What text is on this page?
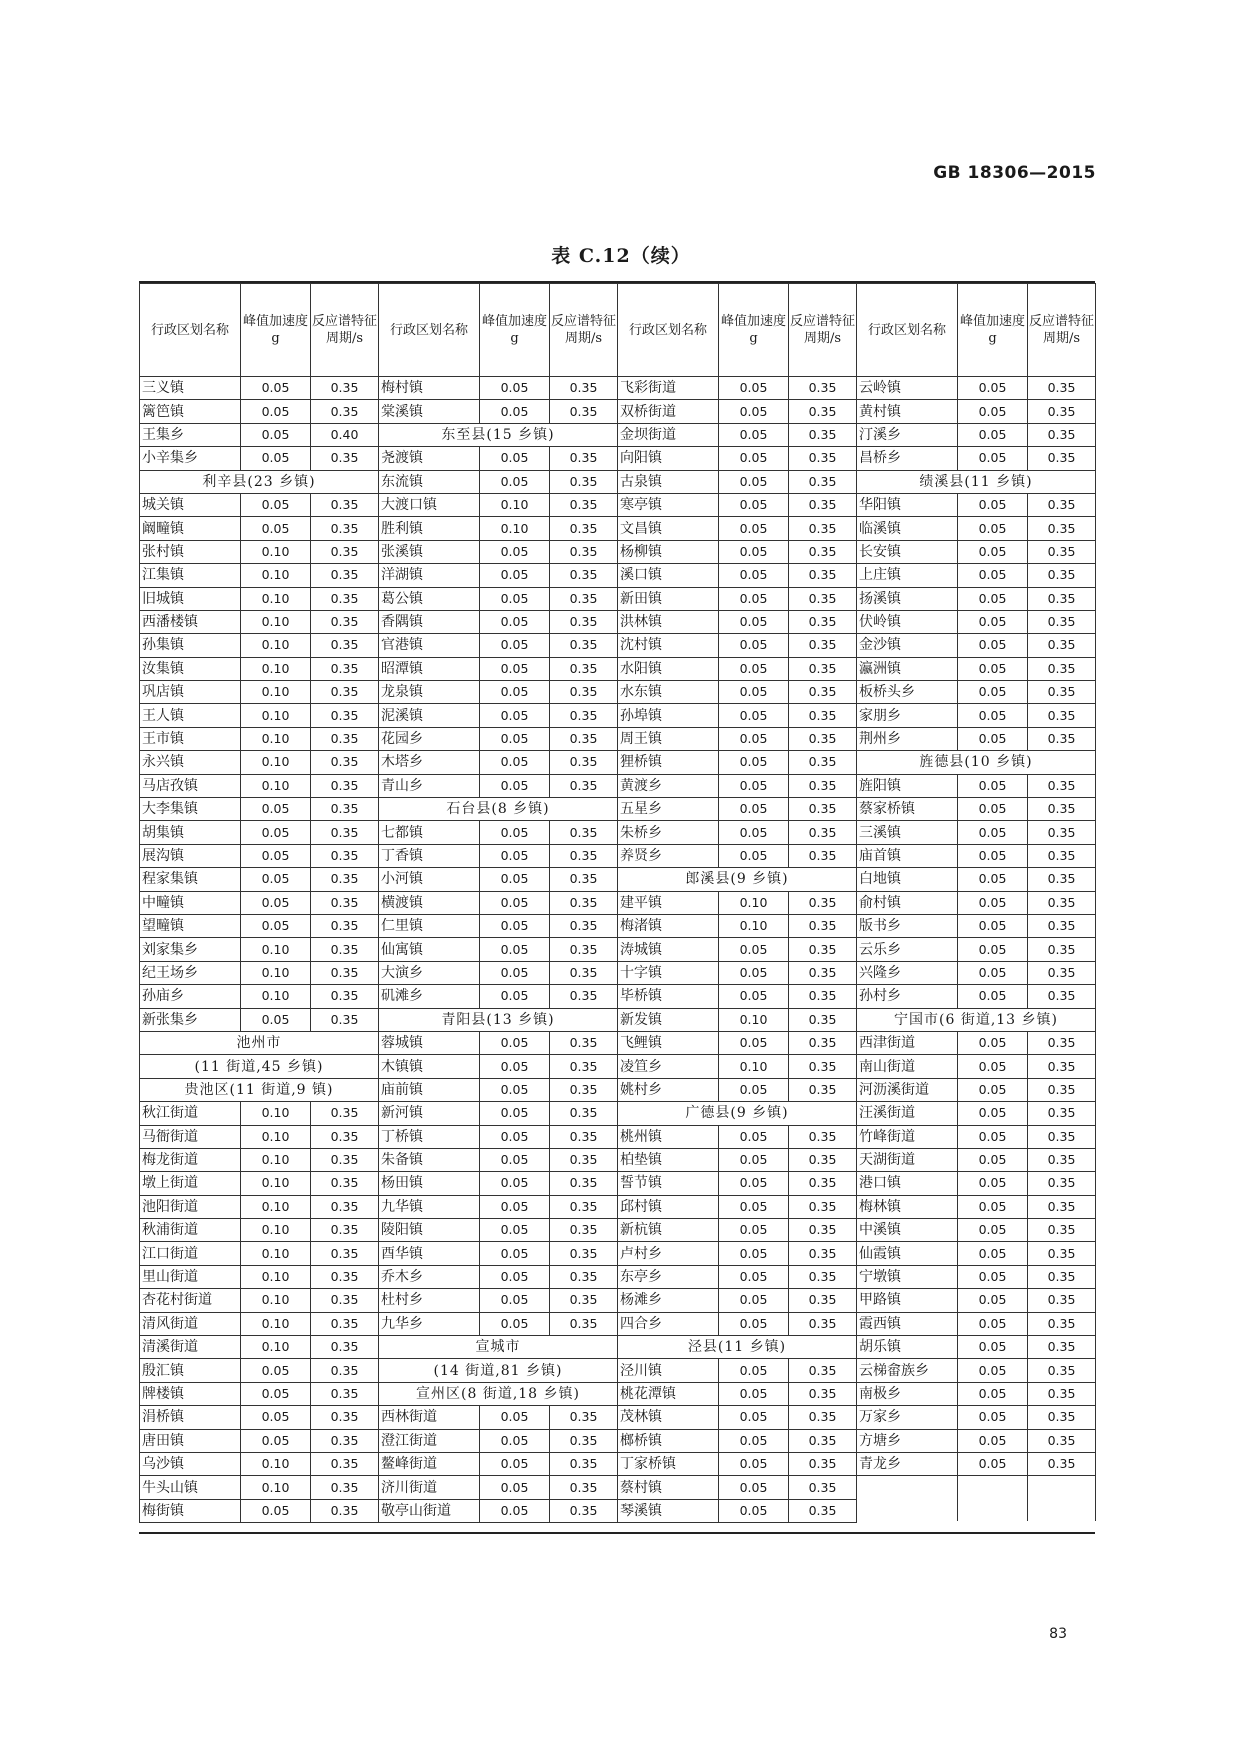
GB 18306—2015
表 C.12（续）
行政区划名称	峰值加速度 g	反应谱特征周期/s
三义镇	0.05	0.35
篱笆镇	0.05	0.35
王集乡	0.05	0.40
小辛集乡	0.05	0.35
利辛县(23 乡镇)		
城关镇	0.05	0.35
阚疃镇	0.05	0.35
张村镇	0.10	0.35
江集镇	0.10	0.35
旧城镇	0.10	0.35
西潘楼镇	0.10	0.35
孙集镇	0.10	0.35
汝集镇	0.10	0.35
巩店镇	0.10	0.35
王人镇	0.10	0.35
王市镇	0.10	0.35
永兴镇	0.10	0.35
马店孜镇	0.10	0.35
大李集镇	0.05	0.35
胡集镇	0.05	0.35
展沟镇	0.05	0.35
程家集镇	0.05	0.35
中疃镇	0.05	0.35
望疃镇	0.05	0.35
刘家集乡	0.10	0.35
纪王场乡	0.10	0.35
孙庙乡	0.10	0.35
新张集乡	0.05	0.35
池州市		
(11 街道,45 乡镇)		
贵池区(11 街道,9 镇)		
秋江街道	0.10	0.35
马衙街道	0.10	0.35
梅龙街道	0.10	0.35
墩上街道	0.10	0.35
池阳街道	0.10	0.35
秋浦街道	0.10	0.35
江口街道	0.10	0.35
里山街道	0.10	0.35
杏花村街道	0.10	0.35
清风街道	0.10	0.35
清溪街道	0.10	0.35
殷汇镇	0.05	0.35
牌楼镇	0.05	0.35
涓桥镇	0.05	0.35
唐田镇	0.05	0.35
乌沙镇	0.10	0.35
牛头山镇	0.10	0.35
梅街镇	0.05	0.35
行政区划名称	峰值加速度 g	反应谱特征周期/s
梅村镇	0.05	0.35
棠溪镇	0.05	0.35
东至县(15 乡镇)		
尧渡镇	0.05	0.35
东流镇	0.05	0.35
大渡口镇	0.10	0.35
胜利镇	0.10	0.35
张溪镇	0.05	0.35
洋湖镇	0.05	0.35
葛公镇	0.05	0.35
香隅镇	0.05	0.35
官港镇	0.05	0.35
昭潭镇	0.05	0.35
龙泉镇	0.05	0.35
泥溪镇	0.05	0.35
花园乡	0.05	0.35
木塔乡	0.05	0.35
青山乡	0.05	0.35
石台县(8 乡镇)		
七都镇	0.05	0.35
丁香镇	0.05	0.35
小河镇	0.05	0.35
横渡镇	0.05	0.35
仁里镇	0.05	0.35
仙寓镇	0.05	0.35
大演乡	0.05	0.35
矶滩乡	0.05	0.35
青阳县(13 乡镇)		
蓉城镇	0.05	0.35
木镇镇	0.05	0.35
庙前镇	0.05	0.35
新河镇	0.05	0.35
丁桥镇	0.05	0.35
朱备镇	0.05	0.35
杨田镇	0.05	0.35
九华镇	0.05	0.35
陵阳镇	0.05	0.35
酉华镇	0.05	0.35
乔木乡	0.05	0.35
杜村乡	0.05	0.35
九华乡	0.05	0.35
宣城市		
(14 街道,81 乡镇)		
宣州区(8 街道,18 乡镇)		
西林街道	0.05	0.35
澄江街道	0.05	0.35
鳌峰街道	0.05	0.35
济川街道	0.05	0.35
敬亭山街道	0.05	0.35
行政区划名称	峰值加速度 g	反应谱特征周期/s
飞彩街道	0.05	0.35
双桥街道	0.05	0.35
金坝街道	0.05	0.35
向阳镇	0.05	0.35
古泉镇	0.05	0.35
寒亭镇	0.05	0.35
文昌镇	0.05	0.35
杨柳镇	0.05	0.35
溪口镇	0.05	0.35
新田镇	0.05	0.35
洪林镇	0.05	0.35
沈村镇	0.05	0.35
水阳镇	0.05	0.35
水东镇	0.05	0.35
孙埠镇	0.05	0.35
周王镇	0.05	0.35
狸桥镇	0.05	0.35
黄渡乡	0.05	0.35
五星乡	0.05	0.35
朱桥乡	0.05	0.35
养贤乡	0.05	0.35
郎溪县(9 乡镇)		
建平镇	0.10	0.35
梅渚镇	0.10	0.35
涛城镇	0.05	0.35
十字镇	0.05	0.35
毕桥镇	0.05	0.35
新发镇	0.10	0.35
飞鲤镇	0.05	0.35
凌笪乡	0.10	0.35
姚村乡	0.05	0.35
广德县(9 乡镇)		
桃州镇	0.05	0.35
柏垫镇	0.05	0.35
誓节镇	0.05	0.35
邱村镇	0.05	0.35
新杭镇	0.05	0.35
卢村乡	0.05	0.35
东亭乡	0.05	0.35
杨滩乡	0.05	0.35
四合乡	0.05	0.35
泾县(11 乡镇)		
泾川镇	0.05	0.35
桃花潭镇	0.05	0.35
茂林镇	0.05	0.35
榔桥镇	0.05	0.35
丁家桥镇	0.05	0.35
蔡村镇	0.05	0.35
琴溪镇	0.05	0.35
行政区划名称	峰值加速度 g	反应谱特征周期/s
云岭镇	0.05	0.35
黄村镇	0.05	0.35
汀溪乡	0.05	0.35
昌桥乡	0.05	0.35
绩溪县(11 乡镇)		
华阳镇	0.05	0.35
临溪镇	0.05	0.35
长安镇	0.05	0.35
上庄镇	0.05	0.35
扬溪镇	0.05	0.35
伏岭镇	0.05	0.35
金沙镇	0.05	0.35
瀛洲镇	0.05	0.35
板桥头乡	0.05	0.35
家朋乡	0.05	0.35
荆州乡	0.05	0.35
旌德县(10 乡镇)		
旌阳镇	0.05	0.35
蔡家桥镇	0.05	0.35
三溪镇	0.05	0.35
庙首镇	0.05	0.35
白地镇	0.05	0.35
俞村镇	0.05	0.35
版书乡	0.05	0.35
云乐乡	0.05	0.35
兴隆乡	0.05	0.35
孙村乡	0.05	0.35
宁国市(6 街道,13 乡镇)		
西津街道	0.05	0.35
南山街道	0.05	0.35
河沥溪街道	0.05	0.35
汪溪街道	0.05	0.35
竹峰街道	0.05	0.35
天湖街道	0.05	0.35
港口镇	0.05	0.35
梅林镇	0.05	0.35
中溪镇	0.05	0.35
仙霞镇	0.05	0.35
宁墩镇	0.05	0.35
甲路镇	0.05	0.35
霞西镇	0.05	0.35
胡乐镇	0.05	0.35
云梯畲族乡	0.05	0.35
南极乡	0.05	0.35
万家乡	0.05	0.35
方塘乡	0.05	0.35
青龙乡	0.05	0.35

83
